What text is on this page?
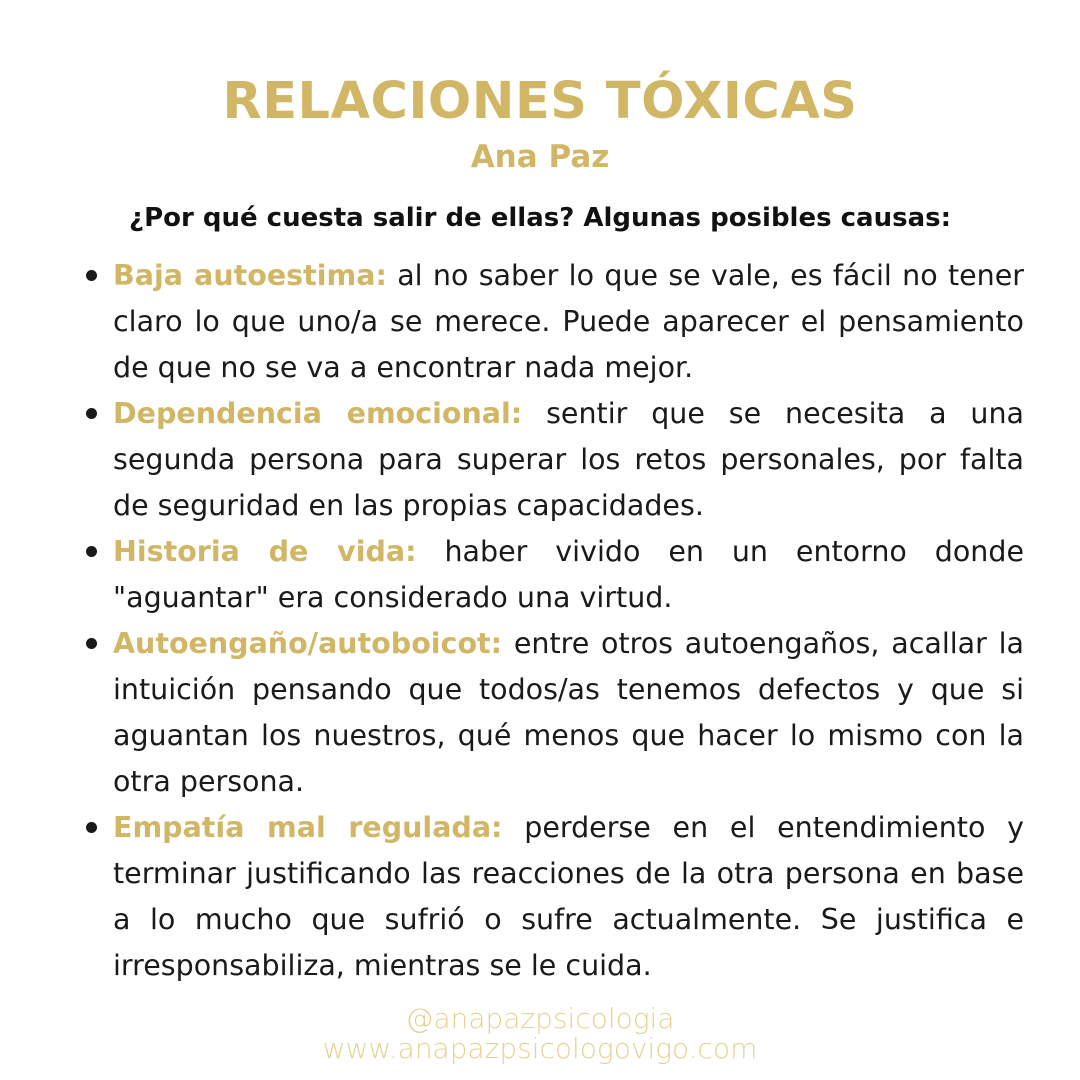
RELACIONES TÓXICAS
Ana Paz

¿Por qué cuesta salir de ellas? Algunas posibles causas:

Baja autoestima: al no saber lo que se vale, es fácil no tener claro lo que uno/a se merece. Puede aparecer el pensamiento de que no se va a encontrar nada mejor.
Dependencia emocional: sentir que se necesita a una segunda persona para superar los retos personales, por falta de seguridad en las propias capacidades.
Historia de vida: haber vivido en un entorno donde "aguantar" era considerado una virtud.
Autoengaño/autoboicot: entre otros autoengaños, acallar la intuición pensando que todos/as tenemos defectos y que si aguantan los nuestros, qué menos que hacer lo mismo con la otra persona.
Empatía mal regulada: perderse en el entendimiento y terminar justificando las reacciones de la otra persona en base a lo mucho que sufrió o sufre actualmente. Se justifica e irresponsabiliza, mientras se le cuida.

@anapazpsicologia

www.anapazpsicologovigo.com
